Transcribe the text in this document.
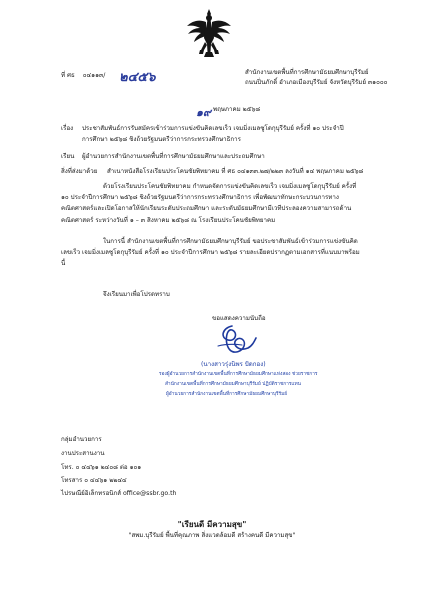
ที่ ศธ ๐๔๑๑๓/ ๒๔๕๖	สำนักงานเขตพื้นที่การศึกษามัธยมศึกษาบุรีรัมย์
ถนนปิ่นภักดิ์ อำเภอเมืองบุรีรัมย์ จังหวัดบุรีรัมย์ ๓๑๐๐๐
๑๙ พฤษภาคม ๒๕๖๘
เรื่อง ประชาสัมพันธ์การรับสมัครเข้าร่วมการแข่งขันคิดเลขเร็ว เจมมิ่งเมลซูโดกุบุรีรัมย์ ครั้งที่ ๑๐ ประจำปี
การศึกษา ๒๕๖๘ ชิงถ้วยรัฐมนตรีว่าการกระทรวงศึกษาธิการ
เรียน ผู้อำนวยการสำนักงานเขตพื้นที่การศึกษามัธยมศึกษาและประถมศึกษา
สิ่งที่ส่งมาด้วย สำเนาหนังสือโรงเรียนประโคนชัยพิทยาคม ที่ ศธ ๐๔๑๓๓.๒๗/๒๒๓ ลงวันที่ ๑๔ พฤษภาคม ๒๕๖๘
ด้วยโรงเรียนประโคนชัยพิทยาคม กำหนดจัดการแข่งขันคิดเลขเร็ว เจมมิ่งเมลซูโดกุบุรีรัมย์ ครั้งที่ ๑๐ ประจำปีการศึกษา ๒๕๖๘ ชิงถ้วยรัฐมนตรีว่าการกระทรวงศึกษาธิการ เพื่อพัฒนาทักษะกระบวนการทางคณิตศาสตร์และเปิดโอกาสให้นักเรียนระดับประถมศึกษา และระดับมัธยมศึกษามีเวทีประลองความสามารถด้านคณิตศาสตร์ ระหว่างวันที่ ๑ – ๓ สิงหาคม ๒๕๖๘ ณ โรงเรียนประโคนชัยพิทยาคม
ในการนี้ สำนักงานเขตพื้นที่การศึกษามัธยมศึกษาบุรีรัมย์ ขอประชาสัมพันธ์เข้าร่วมการแข่งขันคิดเลขเร็ว เจมมิ่งเมลซูโดกุบุรีรัมย์ ครั้งที่ ๑๐ ประจำปีการศึกษา ๒๕๖๘ รายละเอียดปรากฏตามเอกสารที่แนบมาพร้อมนี้
จึงเรียนมาเพื่อโปรดทราบ
ขอแสดงความนับถือ
(นางสาวรุ่งนิพร ปัดกอง)
รองผู้อำนวยการสำนักงานเขตพื้นที่การศึกษามัธยมศึกษาแห่งสอง ช่วยราชการ
สำนักงานเขตพื้นที่การศึกษามัธยมศึกษาบุรีรัมย์ ปฏิบัติราชการแทน
ผู้อำนวยการสำนักงานเขตพื้นที่การศึกษามัธยมศึกษาบุรีรัมย์
กลุ่มอำนวยการ
งานประสานงาน
โทร. ๐ ๔๔๖๑ ๒๔๐๘ ต่อ ๑๐๑
โทรสาร ๐ ๔๔๖๑ ๒๒๔๔
ไปรษณีย์อิเล็กทรอนิกส์ office@ssbr.go.th
"เรียนดี มีความสุข"
"สพม.บุรีรัมย์ พื้นที่คุณภาพ สิ่งแวดล้อมดี สร้างคนดี มีความสุข"
